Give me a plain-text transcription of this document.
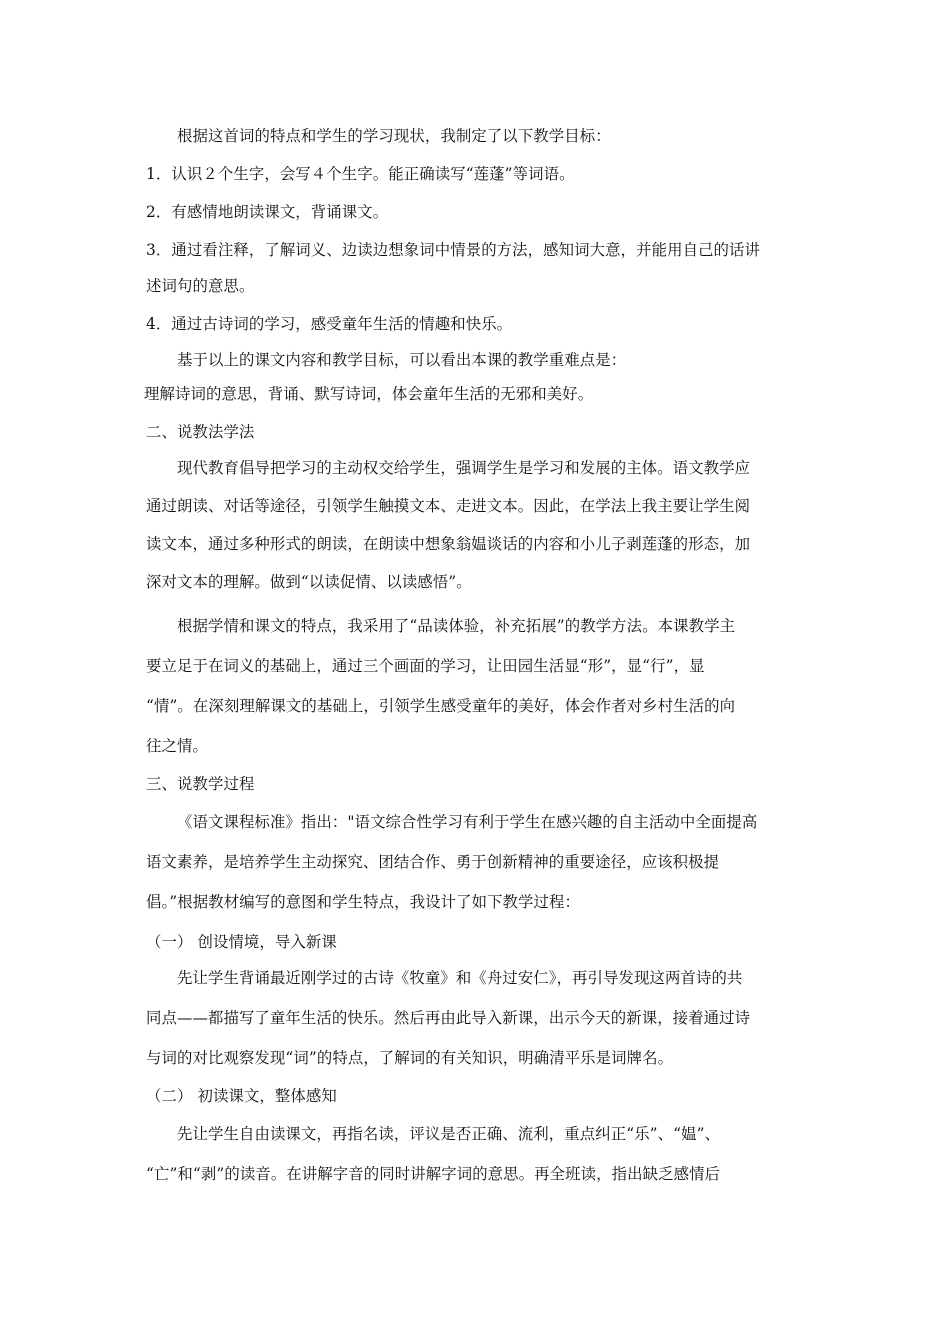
根据这首词的特点和学生的学习现状，我制定了以下教学目标：
1．认识２个生字，会写４个生字。能正确读写“莲蓬”等词语。
2．有感情地朗读课文，背诵课文。
3．通过看注释，了解词义、边读边想象词中情景的方法，感知词大意，并能用自己的话讲
述词句的意思。
4．通过古诗词的学习，感受童年生活的情趣和快乐。
基于以上的课文内容和教学目标，可以看出本课的教学重难点是：
理解诗词的意思，背诵、默写诗词，体会童年生活的无邪和美好。
二、说教法学法
现代教育倡导把学习的主动权交给学生，强调学生是学习和发展的主体。语文教学应
通过朗读、对话等途径，引领学生触摸文本、走进文本。因此，在学法上我主要让学生阅
读文本，通过多种形式的朗读，在朗读中想象翁媪谈话的内容和小儿子剥莲蓬的形态，加
深对文本的理解。做到“以读促情、以读感悟”。
根据学情和课文的特点，我采用了“品读体验，补充拓展”的教学方法。本课教学主
要立足于在词义的基础上，通过三个画面的学习，让田园生活显“形”，显“行”，显
“情”。在深刻理解课文的基础上，引领学生感受童年的美好，体会作者对乡村生活的向
往之情。
三、说教学过程
《语文课程标准》指出："语文综合性学习有利于学生在感兴趣的自主活动中全面提高
语文素养，是培养学生主动探究、团结合作、勇于创新精神的重要途径，应该积极提
倡。”根据教材编写的意图和学生特点，我设计了如下教学过程：
（一） 创设情境，导入新课
先让学生背诵最近刚学过的古诗《牧童》和《舟过安仁》，再引导发现这两首诗的共
同点——都描写了童年生活的快乐。然后再由此导入新课，出示今天的新课，接着通过诗
与词的对比观察发现“词”的特点，了解词的有关知识，明确清平乐是词牌名。
（二） 初读课文，整体感知
先让学生自由读课文，再指名读，评议是否正确、流利，重点纠正“乐”、“媪”、
“亡”和“剥”的读音。在讲解字音的同时讲解字词的意思。再全班读，指出缺乏感情后
